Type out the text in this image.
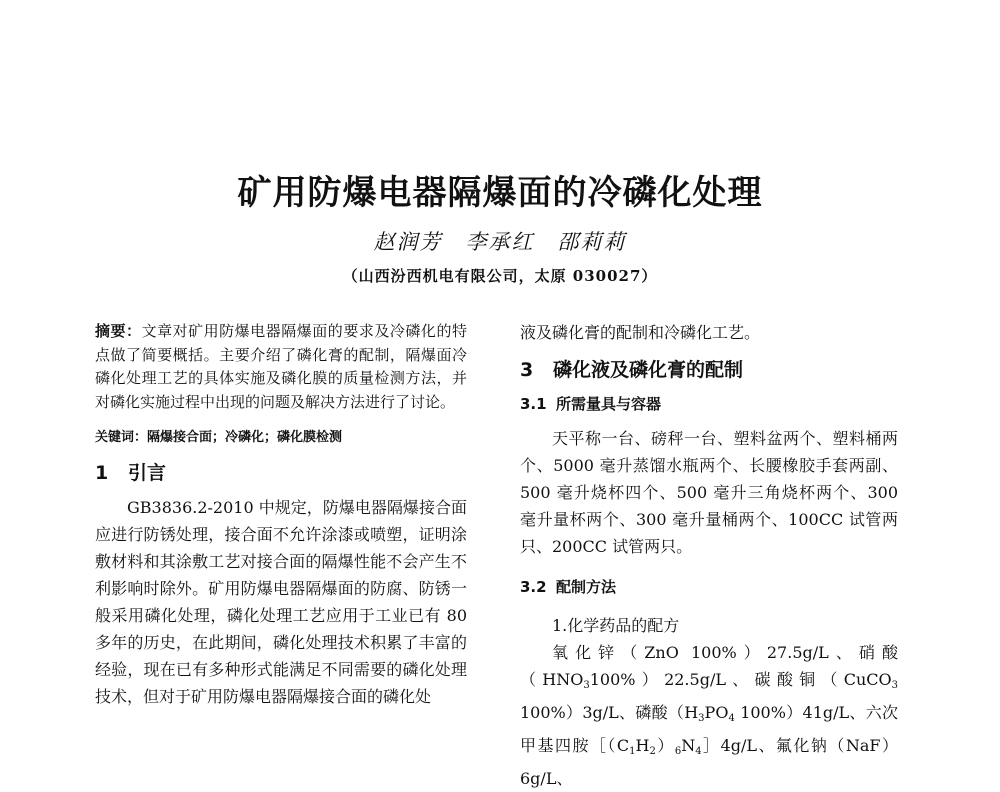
矿用防爆电器隔爆面的冷磷化处理
赵润芳　李承红　邵莉莉
（山西汾西机电有限公司，太原 030027）

摘要：文章对矿用防爆电器隔爆面的要求及冷磷化的特点做了简要概括。主要介绍了磷化膏的配制，隔爆面冷磷化处理工艺的具体实施及磷化膜的质量检测方法，并对磷化实施过程中出现的问题及解决方法进行了讨论。

关键词：隔爆接合面；冷磷化；磷化膜检测
1 引言

GB3836.2-2010 中规定，防爆电器隔爆接合面应进行防锈处理，接合面不允许涂漆或喷塑，证明涂敷材料和其涂敷工艺对接合面的隔爆性能不会产生不利影响时除外。矿用防爆电器隔爆面的防腐、防锈一般采用磷化处理，磷化处理工艺应用于工业已有 80 多年的历史，在此期间，磷化处理技术积累了丰富的经验，现在已有多种形式能满足不同需要的磷化处理技术，但对于矿用防爆电器隔爆接合面的磷化处

液及磷化膏的配制和冷磷化工艺。

3 磷化液及磷化膏的配制
3.1 所需量具与容器

天平称一台、磅秤一台、塑料盆两个、塑料桶两个、5000 毫升蒸馏水瓶两个、长腰橡胶手套两副、500 毫升烧杯四个、500 毫升三角烧杯两个、300 毫升量杯两个、300 毫升量桶两个、100CC 试管两只、200CC 试管两只。

3.2 配制方法

1.化学药品的配方

氧化锌（ZnO 100%）27.5g/L、硝酸$(HNO_3100\%)22.5g/L$、碳酸铜（CuCO$_3$ 100%）3g/L、磷酸（$H_3PO_4$ 100%）41g/L、六次甲基四胺$[(C_1H_2)_6N_4]4g/L$、氟化钠（NaF）6g/L、
